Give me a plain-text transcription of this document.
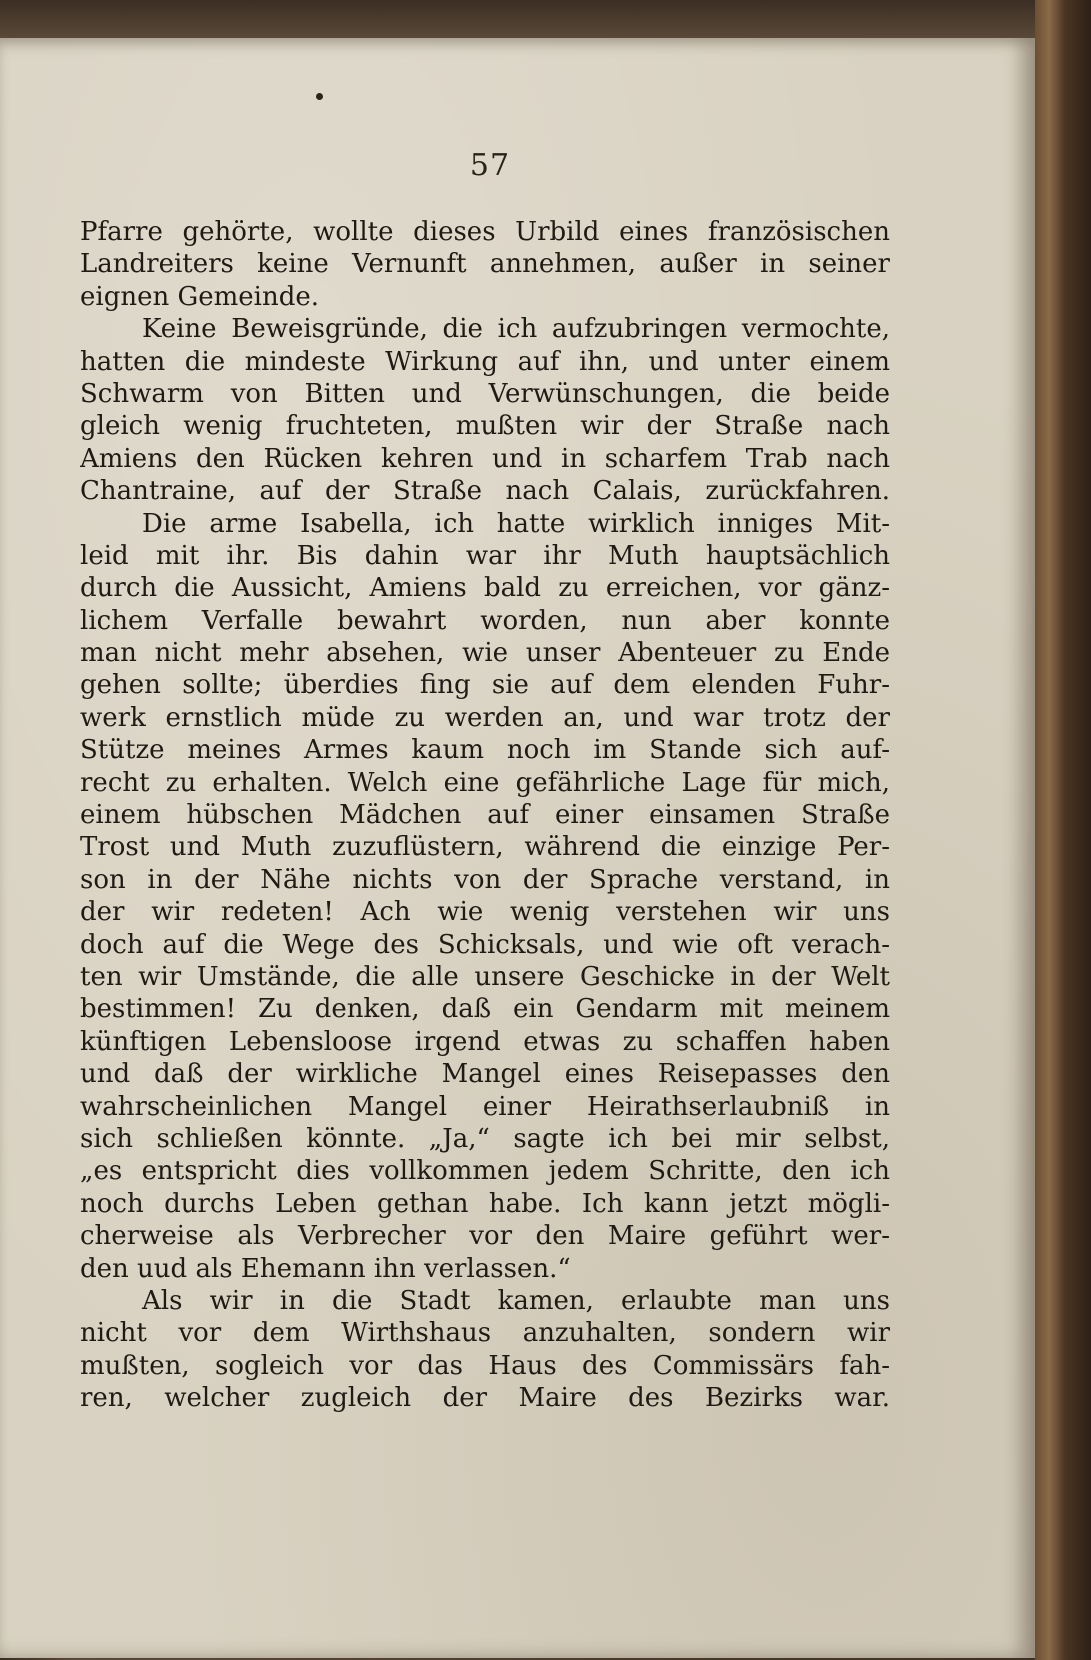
57
Pfarre gehörte, wollte dieses Urbild eines französischen
Landreiters keine Vernunft annehmen, außer in seiner
eignen Gemeinde.
Keine Beweisgründe, die ich aufzubringen vermochte,
hatten die mindeste Wirkung auf ihn, und unter einem
Schwarm von Bitten und Verwünschungen, die beide
gleich wenig fruchteten, mußten wir der Straße nach
Amiens den Rücken kehren und in scharfem Trab nach
Chantraine, auf der Straße nach Calais, zurückfahren.
Die arme Isabella, ich hatte wirklich inniges Mit-
leid mit ihr. Bis dahin war ihr Muth hauptsächlich
durch die Aussicht, Amiens bald zu erreichen, vor gänz-
lichem Verfalle bewahrt worden, nun aber konnte
man nicht mehr absehen, wie unser Abenteuer zu Ende
gehen sollte; überdies fing sie auf dem elenden Fuhr-
werk ernstlich müde zu werden an, und war trotz der
Stütze meines Armes kaum noch im Stande sich auf-
recht zu erhalten. Welch eine gefährliche Lage für mich,
einem hübschen Mädchen auf einer einsamen Straße
Trost und Muth zuzuflüstern, während die einzige Per-
son in der Nähe nichts von der Sprache verstand, in
der wir redeten! Ach wie wenig verstehen wir uns
doch auf die Wege des Schicksals, und wie oft verach-
ten wir Umstände, die alle unsere Geschicke in der Welt
bestimmen! Zu denken, daß ein Gendarm mit meinem
künftigen Lebensloose irgend etwas zu schaffen haben
und daß der wirkliche Mangel eines Reisepasses den
wahrscheinlichen Mangel einer Heirathserlaubniß in
sich schließen könnte. „Ja,“ sagte ich bei mir selbst,
„es entspricht dies vollkommen jedem Schritte, den ich
noch durchs Leben gethan habe. Ich kann jetzt mögli-
cherweise als Verbrecher vor den Maire geführt wer-
den uud als Ehemann ihn verlassen.“
Als wir in die Stadt kamen, erlaubte man uns
nicht vor dem Wirthshaus anzuhalten, sondern wir
mußten, sogleich vor das Haus des Commissärs fah-
ren, welcher zugleich der Maire des Bezirks war.
